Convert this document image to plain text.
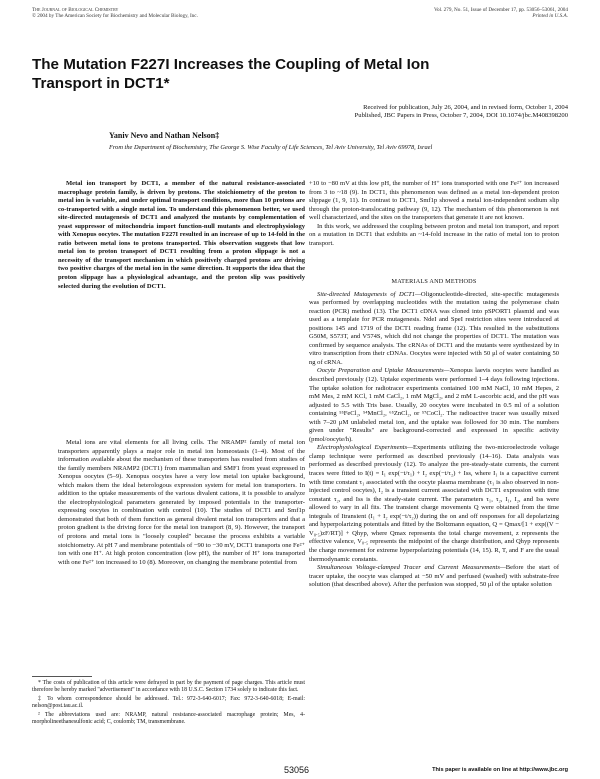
The Journal of Biological Chemistry
© 2004 by The American Society for Biochemistry and Molecular Biology, Inc.
Vol. 279, No. 51, Issue of December 17, pp. 53056–53061, 2004
Printed in U.S.A.
The Mutation F227I Increases the Coupling of Metal Ion
Transport in DCT1*
Received for publication, July 26, 2004, and in revised form, October 1, 2004
Published, JBC Papers in Press, October 7, 2004, DOI 10.1074/jbc.M408398200
Yaniv Nevo and Nathan Nelson‡
From the Department of Biochemistry, The George S. Wise Faculty of Life Sciences, Tel Aviv University, Tel Aviv 69978, Israel

Metal ion transport by DCT1, a member of the natural resistance-associated macrophage protein family, is driven by protons. The stoichiometry of the proton to metal ion is variable, and under optimal transport conditions, more than 10 protons are co-transported with a single metal ion. To understand this phenomenon better, we used site-directed mutagenesis of DCT1 and analyzed the mutants by complementation of yeast suppressor of mitochondria import function-null mutants and electrophysiology with Xenopus oocytes. The mutation F227I resulted in an increase of up to 14-fold in the ratio between metal ions to protons transported. This observation suggests that low metal ion to proton transport of DCT1 resulting from a proton slippage is not a necessity of the transport mechanism in which positively charged protons are driving two positive charges of the metal ion in the same direction. It supports the idea that the proton slippage has a physiological advantage, and the proton slip was positively selected during the evolution of DCT1.

Metal ions are vital elements for all living cells. The NRAMP² family of metal ion transporters apparently plays a major role in metal ion homeostasis (1–4). Most of the information available about the mechanism of these transporters has resulted from studies of the family members NRAMP2 (DCT1) from mammalian and SMF1 from yeast expressed in Xenopus oocytes (5–9). Xenopus oocytes have a very low metal ion uptake background, which makes them the ideal heterologous expression system for metal ion transporters. In addition to the uptake measurements of the various divalent cations, it is possible to analyze the electrophysiological parameters generated by imposed potentials in the transporter-expressing oocytes in combination with control (10). The studies of DCT1 and Smf1p demonstrated that both of them function as general divalent metal ion transporters and that a proton gradient is the driving force for the metal ion transport (8, 9). However, the transport of protons and metal ions is "loosely coupled" because the process exhibits a variable stoichiometry. At pH 7 and membrane potentials of −90 to −30 mV, DCT1 transports one Fe²⁺ ion with one H⁺. At high proton concentration (low pH), the number of H⁺ ions transported with one Fe²⁺ ion increased to 10 (8). Moreover, on changing the membrane potential from

+10 to −80 mV at this low pH, the number of H⁺ ions transported with one Fe²⁺ ion increased from 3 to ~18 (9). In DCT1, this phenomenon was defined as a metal ion-dependent proton slippage (1, 9, 11). In contrast to DCT1, Smf1p showed a metal ion-independent sodium slip through the proton-translocating pathway (9, 12). The mechanism of this phenomenon is not well characterized, and the sites on the transporters that generate it are not known.

In this work, we addressed the coupling between proton and metal ion transport, and report on a mutation in DCT1 that exhibits an ~14-fold increase in the ratio of metal ion to proton transport.

MATERIALS AND METHODS

Site-directed Mutagenesis of DCT1—Oligonucleotide-directed, site-specific mutagenesis was performed by overlapping nucleotides with the mutation using the polymerase chain reaction (PCR) method (13). The DCT1 cDNA was cloned into pSPORT1 plasmid and was used as a template for PCR mutagenesis. NdeI and SpeI restriction sites were introduced at positions 145 and 1719 of the DCT1 reading frame (12). This resulted in the substitutions G50M, S573T, and V574S, which did not change the properties of DCT1. The mutation was confirmed by sequence analysis. The cRNAs of DCT1 and the mutants were synthesized by in vitro transcription from their cDNAs. Oocytes were injected with 50 μl of water containing 50 ng of cRNA.

Oocyte Preparation and Uptake Measurements—Xenopus laevis oocytes were handled as described previously (12). Uptake experiments were performed 1–4 days following injections. The uptake solution for radiotracer experiments contained 100 mM NaCl, 10 mM Hepes, 2 mM Mes, 2 mM KCl, 1 mM CaCl₂, 1 mM MgCl₂, and 2 mM L-ascorbic acid, and the pH was adjusted to 5.5 with Tris base. Usually, 20 oocytes were incubated in 0.5 ml of a solution containing ⁵⁵FeCl₂, ⁵⁴MnCl₂, ⁶⁵ZnCl₂, or ⁵⁷CoCl₂. The radioactive tracer was usually mixed with 7–20 μM unlabeled metal ion, and the uptake was followed for 30 min. The numbers given under "Results" are background-corrected and expressed in specific activity (pmol/oocyte/h).

Electrophysiological Experiments—Experiments utilizing the two-microelectrode voltage clamp technique were performed as described previously (14–16). Data analysis was performed as described previously (12). To analyze the pre-steady-state currents, the current traces were fitted to I(t) = I₁ exp(−t/τ₁) + I₂ exp(−t/τ₂) + Iss, where I₁ is a capacitive current with time constant τ₁ associated with the oocyte plasma membrane (τ₁ is also observed in non-injected control oocytes), I₂ is a transient current associated with DCT1 expression with time constant τ₂, and Iss is the steady-state current. The parameters τ₁, τ₂, I₁, I₂, and Iss were allowed to vary in all fits. The transient charge movements Q were obtained from the time integrals of Itransient (I₁ + I₂ exp(−t/τ₂)) during the on and off responses for all depolarizing and hyperpolarizing potentials and fitted by the Boltzmann equation, Q = Qmax/[1 + exp((V − V₀.₅)zF/RT)] + Qhyp, where Qmax represents the total charge movement, z represents the effective valence, V₀.₅ represents the midpoint of the charge distribution, and Qhyp represents the charge movement for extreme hyperpolarizing potentials (14, 15). R, T, and F are the usual thermodynamic constants.

Simultaneous Voltage-clamped Tracer and Current Measurements—Before the start of tracer uptake, the oocyte was clamped at −50 mV and perfused (washed) with substrate-free solution (that described above). After the perfusion was stopped, 50 μl of the uptake solution

* The costs of publication of this article were defrayed in part by the payment of page charges. This article must therefore be hereby marked "advertisement" in accordance with 18 U.S.C. Section 1734 solely to indicate this fact.

‡ To whom correspondence should be addressed. Tel.: 972-3-640-6017; Fax: 972-3-640-6018; E-mail: nelson@post.tau.ac.il.

² The abbreviations used are: NRAMP, natural resistance-associated macrophage protein; Mes, 4-morpholineethanesulfonic acid; C, coulomb; TM, transmembrane.

53056	This paper is available on line at http://www.jbc.org
